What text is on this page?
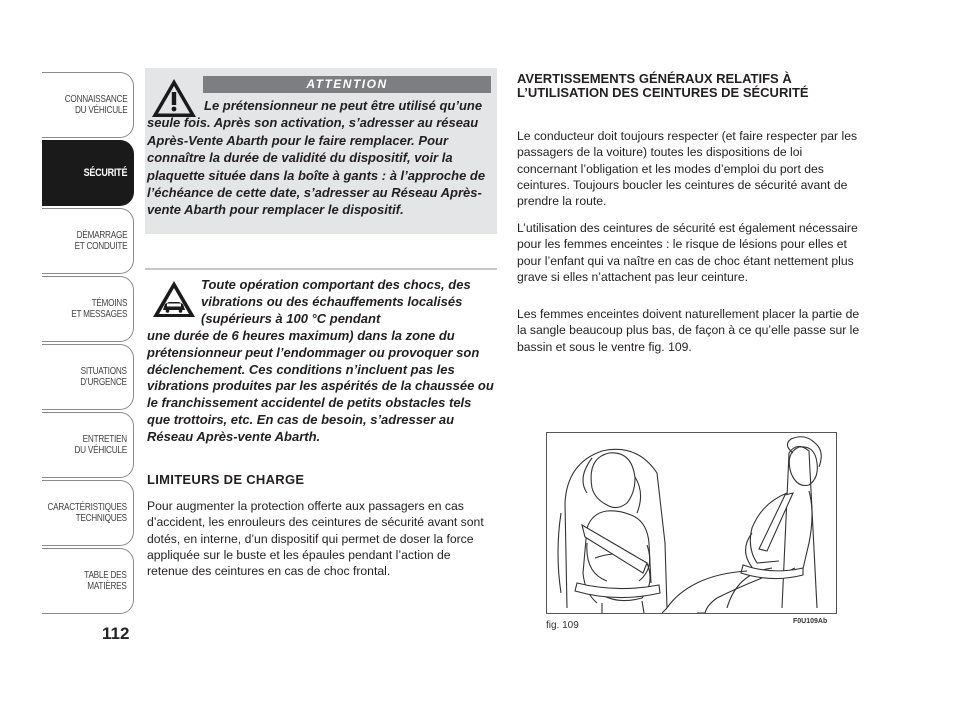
CONNAISSANCE
DU VÉHICULE
SÉCURITÉ
DÉMARRAGE
ET CONDUITE
TÉMOINS
ET MESSAGES
SITUATIONS
D’URGENCE
ENTRETIEN
DU VÉHICULE
CARACTÉRISTIQUES
TECHNIQUES
TABLE DES
MATIÈRES
112
ATTENTION

Le prétensionneur ne peut être utilisé qu’une seule fois. Après son activation, s’adresser au réseau Après-Vente Abarth pour le faire remplacer. Pour connaître la durée de validité du dispositif, voir la plaquette située dans la boîte à gants : à l’approche de l’échéance de cette date, s’adresser au Réseau Après-vente Abarth pour remplacer le dispositif.

Toute opération comportant des chocs, des vibrations ou des échauffements localisés (supérieurs à 100 °C pendant
une durée de 6 heures maximum) dans la zone du prétensionneur peut l’endommager ou provoquer son déclenchement. Ces conditions n’incluent pas les vibrations produites par les aspérités de la chaussée ou le franchissement accidentel de petits obstacles tels que trottoirs, etc. En cas de besoin, s’adresser au Réseau Après-vente Abarth.

LIMITEURS DE CHARGE

Pour augmenter la protection offerte aux passagers en cas d’accident, les enrouleurs des ceintures de sécurité avant sont dotés, en interne, d’un dispositif qui permet de doser la force appliquée sur le buste et les épaules pendant l’action de retenue des ceintures en cas de choc frontal.

AVERTISSEMENTS GÉNÉRAUX RELATIFS À L’UTILISATION DES CEINTURES DE SÉCURITÉ

Le conducteur doit toujours respecter (et faire respecter par les passagers de la voiture) toutes les dispositions de loi concernant l’obligation et les modes d’emploi du port des ceintures. Toujours boucler les ceintures de sécurité avant de prendre la route.

L’utilisation des ceintures de sécurité est également nécessaire pour les femmes enceintes : le risque de lésions pour elles et pour l’enfant qui va naître en cas de choc étant nettement plus grave si elles n’attachent pas leur ceinture.

Les femmes enceintes doivent naturellement placer la partie de la sangle beaucoup plus bas, de façon à ce qu’elle passe sur le bassin et sous le ventre fig. 109.

fig. 109	F0U109Ab
